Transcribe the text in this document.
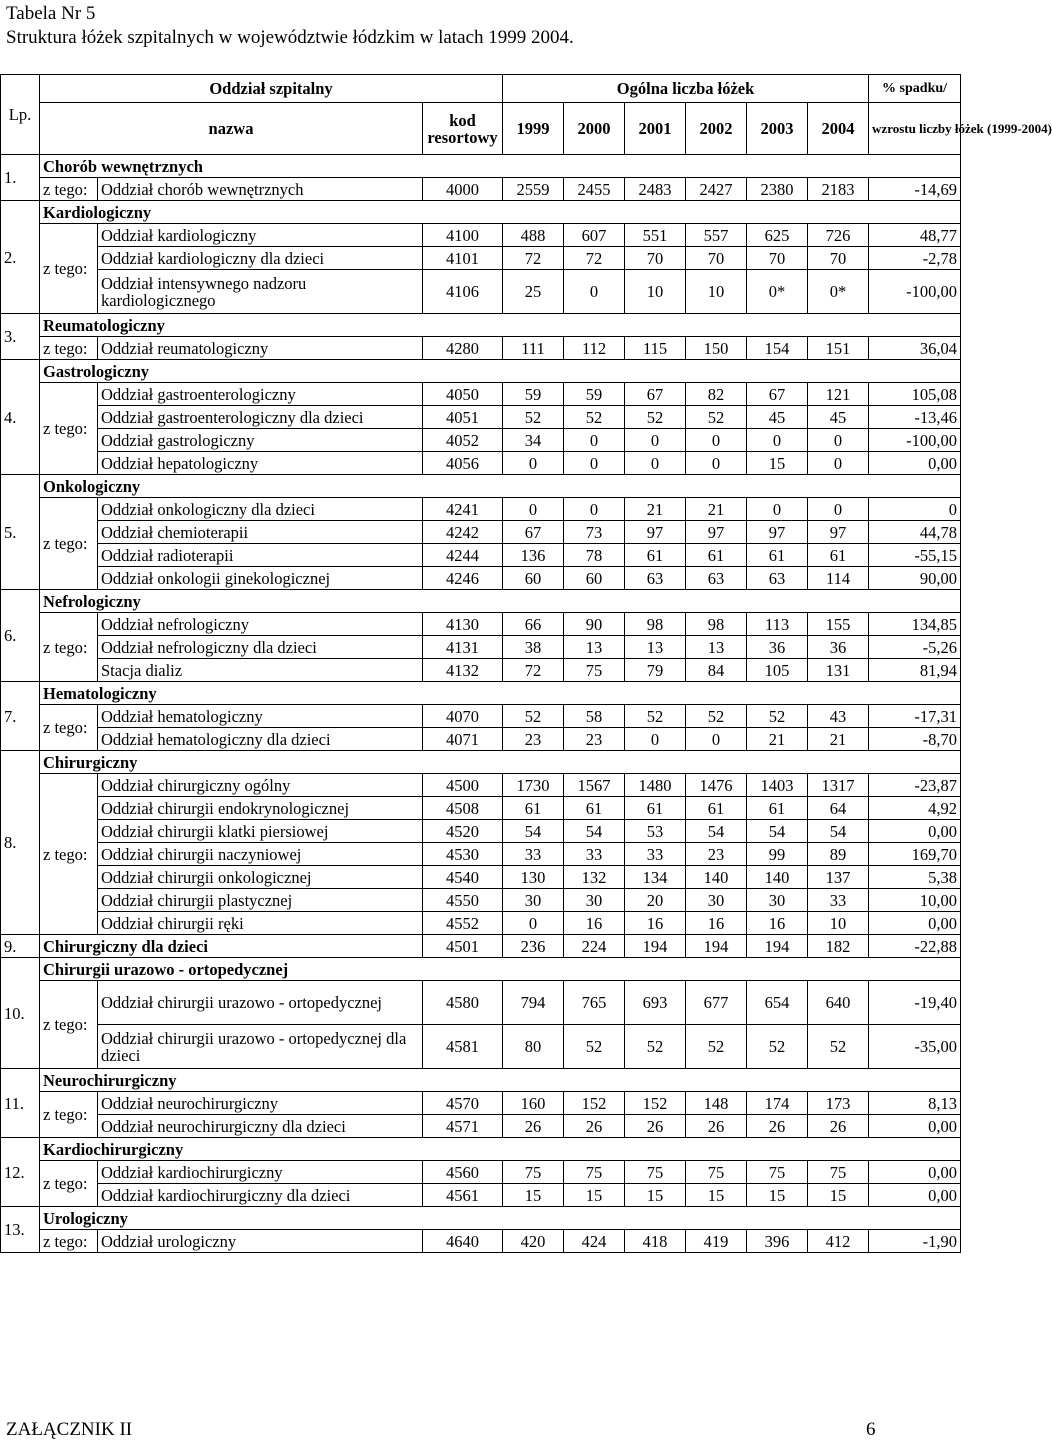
Tabela Nr 5
Struktura łóżek szpitalnych w województwie łódzkim w latach 1999 2004.
Lp.	Oddział szpitalny			Ogólna liczba łóżek						% spadku/
	nazwa		kod resortowy	1999	2000	2001	2002	2003	2004	wzrostu liczby łóżek (1999-2004)

1.	Chorób wewnętrznych									
	z tego:	Oddział chorób wewnętrznych	4000	2559	2455	2483	2427	2380	2183	-14,69
2.	Kardiologiczny									
	z tego:	Oddział kardiologiczny	4100	488	607	551	557	625	726	48,77
		Oddział kardiologiczny dla dzieci	4101	72	72	70	70	70	70	-2,78
		Oddział intensywnego nadzoru kardiologicznego	4106	25	0	10	10	0*	0*	-100,00
3.	Reumatologiczny									
	z tego:	Oddział reumatologiczny	4280	111	112	115	150	154	151	36,04
4.	Gastrologiczny									
	z tego:	Oddział gastroenterologiczny	4050	59	59	67	82	67	121	105,08
		Oddział gastroenterologiczny dla dzieci	4051	52	52	52	52	45	45	-13,46
		Oddział gastrologiczny	4052	34	0	0	0	0	0	-100,00
		Oddział hepatologiczny	4056	0	0	0	0	15	0	0,00
5.	Onkologiczny									
	z tego:	Oddział onkologiczny dla dzieci	4241	0	0	21	21	0	0	0
		Oddział chemioterapii	4242	67	73	97	97	97	97	44,78
		Oddział radioterapii	4244	136	78	61	61	61	61	-55,15
		Oddział onkologii ginekologicznej	4246	60	60	63	63	63	114	90,00
6.	Nefrologiczny									
	z tego:	Oddział nefrologiczny	4130	66	90	98	98	113	155	134,85
		Oddział nefrologiczny dla dzieci	4131	38	13	13	13	36	36	-5,26
		Stacja dializ	4132	72	75	79	84	105	131	81,94
7.	Hematologiczny									
	z tego:	Oddział hematologiczny	4070	52	58	52	52	52	43	-17,31
		Oddział hematologiczny dla dzieci	4071	23	23	0	0	21	21	-8,70
8.	Chirurgiczny									
	z tego:	Oddział chirurgiczny ogólny	4500	1730	1567	1480	1476	1403	1317	-23,87
		Oddział chirurgii endokrynologicznej	4508	61	61	61	61	61	64	4,92
		Oddział chirurgii klatki piersiowej	4520	54	54	53	54	54	54	0,00
		Oddział chirurgii naczyniowej	4530	33	33	33	23	99	89	169,70
		Oddział chirurgii onkologicznej	4540	130	132	134	140	140	137	5,38
		Oddział chirurgii plastycznej	4550	30	30	20	30	30	33	10,00
		Oddział chirurgii ręki	4552	0	16	16	16	16	10	0,00
9.	Chirurgiczny dla dzieci		4501	236	224	194	194	194	182	-22,88
10.	Chirurgii urazowo - ortopedycznej									
	z tego:	Oddział chirurgii urazowo - ortopedycznej	4580	794	765	693	677	654	640	-19,40
		Oddział chirurgii urazowo - ortopedycznej dla dzieci	4581	80	52	52	52	52	52	-35,00
11.	Neurochirurgiczny									
	z tego:	Oddział neurochirurgiczny	4570	160	152	152	148	174	173	8,13
		Oddział neurochirurgiczny dla dzieci	4571	26	26	26	26	26	26	0,00
12.	Kardiochirurgiczny									
	z tego:	Oddział kardiochirurgiczny	4560	75	75	75	75	75	75	0,00
		Oddział kardiochirurgiczny dla dzieci	4561	15	15	15	15	15	15	0,00
13.	Urologiczny									
	z tego:	Oddział urologiczny	4640	420	424	418	419	396	412	-1,90
ZAŁĄCZNIK II	6
